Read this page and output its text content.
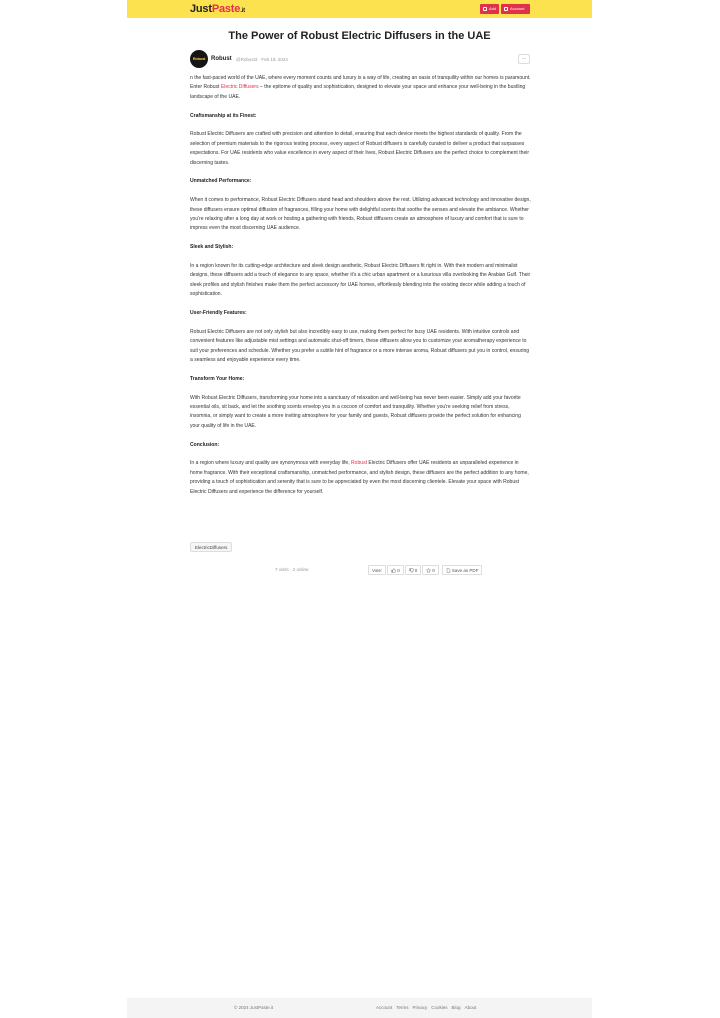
JustPaste.it	Add	Account
The Power of Robust Electric Diffusers in the UAE
Robust Robust @Robust3 · Feb 19, 2024	···

n the fast-paced world of the UAE, where every moment counts and luxury is a way of life, creating an oasis of tranquility within our homes is paramount. Enter Robust Electric Diffusers – the epitome of quality and sophistication, designed to elevate your space and enhance your well-being in the bustling landscape of the UAE.

Craftsmanship at its Finest:

Robust Electric Diffusers are crafted with precision and attention to detail, ensuring that each device meets the highest standards of quality. From the selection of premium materials to the rigorous testing process, every aspect of Robust diffusers is carefully curated to deliver a product that surpasses expectations. For UAE residents who value excellence in every aspect of their lives, Robust Electric Diffusers are the perfect choice to complement their discerning tastes.

Unmatched Performance:

When it comes to performance, Robust Electric Diffusers stand head and shoulders above the rest. Utilizing advanced technology and innovative design, these diffusers ensure optimal diffusion of fragrances, filling your home with delightful scents that soothe the senses and elevate the ambiance. Whether you're relaxing after a long day at work or hosting a gathering with friends, Robust diffusers create an atmosphere of luxury and comfort that is sure to impress even the most discerning UAE audience.

Sleek and Stylish:

In a region known for its cutting-edge architecture and sleek design aesthetic, Robust Electric Diffusers fit right in. With their modern and minimalist designs, these diffusers add a touch of elegance to any space, whether it's a chic urban apartment or a luxurious villa overlooking the Arabian Gulf. Their sleek profiles and stylish finishes make them the perfect accessory for UAE homes, effortlessly blending into the existing decor while adding a touch of sophistication.

User-Friendly Features:

Robust Electric Diffusers are not only stylish but also incredibly easy to use, making them perfect for busy UAE residents. With intuitive controls and convenient features like adjustable mist settings and automatic shut-off timers, these diffusers allow you to customize your aromatherapy experience to suit your preferences and schedule. Whether you prefer a subtle hint of fragrance or a more intense aroma, Robust diffusers put you in control, ensuring a seamless and enjoyable experience every time.

Transform Your Home:

With Robust Electric Diffusers, transforming your home into a sanctuary of relaxation and well-being has never been easier. Simply add your favorite essential oils, sit back, and let the soothing scents envelop you in a cocoon of comfort and tranquility. Whether you're seeking relief from stress, insomnia, or simply want to create a more inviting atmosphere for your family and guests, Robust diffusers provide the perfect solution for enhancing your quality of life in the UAE.

Conclusion:

In a region where luxury and quality are synonymous with everyday life, Robust Electric Diffusers offer UAE residents an unparalleled experience in home fragrance. With their exceptional craftsmanship, unmatched performance, and stylish design, these diffusers are the perfect addition to any home, providing a touch of sophistication and serenity that is sure to be appreciated by even the most discerning clientele. Elevate your space with Robust Electric Diffusers and experience the difference for yourself.

ElectricDiffusers
7 visits · 2 online	Vote:	0	0	0	Save as PDF
© 2024 JustPaste.it	Account Terms Privacy Cookies Blog About
